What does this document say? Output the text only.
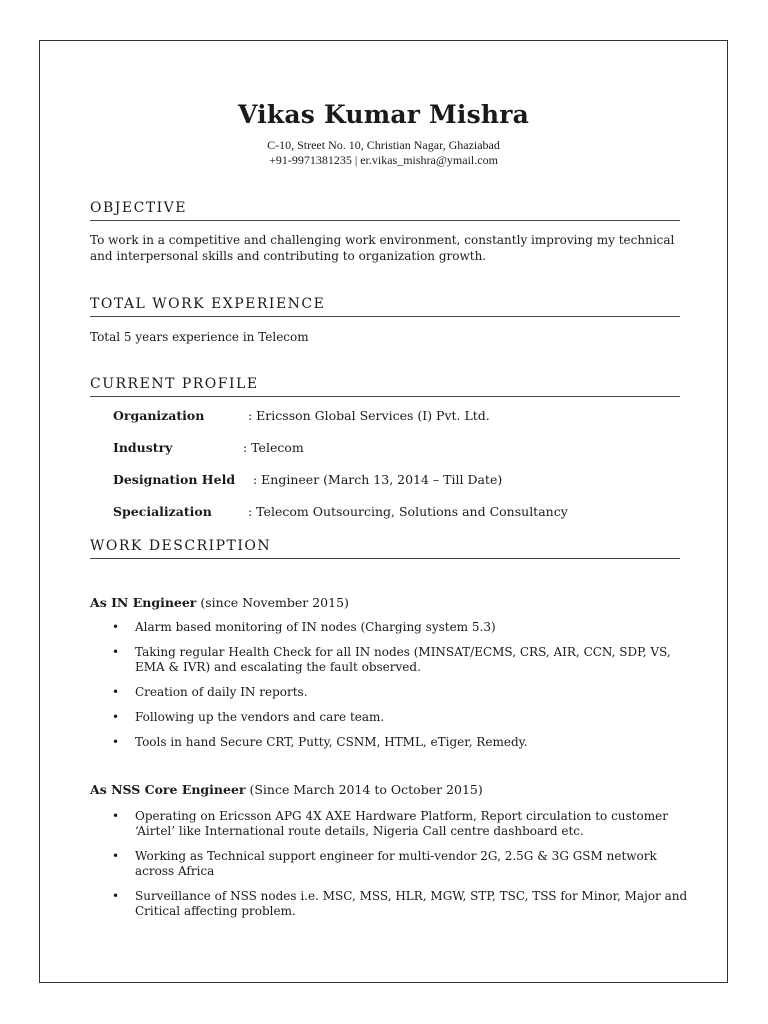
Vikas Kumar Mishra
C-10, Street No. 10, Christian Nagar, Ghaziabad
+91-9971381235 | er.vikas_mishra@ymail.com
OBJECTIVE
To work in a competitive and challenging work environment, constantly improving my technical and interpersonal skills and contributing to organization growth.
TOTAL WORK EXPERIENCE
Total 5 years experience in Telecom
CURRENT PROFILE
Organization	: Ericsson Global Services (I) Pvt. Ltd.
Industry	: Telecom
Designation Held : Engineer (March 13, 2014 – Till Date)
Specialization	: Telecom Outsourcing, Solutions and Consultancy
WORK DESCRIPTION
As IN Engineer (since November 2015)
• Alarm based monitoring of IN nodes (Charging system 5.3)
• Taking regular Health Check for all IN nodes (MINSAT/ECMS, CRS, AIR, CCN, SDP, VS, EMA & IVR) and escalating the fault observed.
• Creation of daily IN reports.
• Following up the vendors and care team.
• Tools in hand Secure CRT, Putty, CSNM, HTML, eTiger, Remedy.
As NSS Core Engineer (Since March 2014 to October 2015)
• Operating on Ericsson APG 4X AXE Hardware Platform, Report circulation to customer ‘Airtel’ like International route details, Nigeria Call centre dashboard etc.
• Working as Technical support engineer for multi-vendor 2G, 2.5G & 3G GSM network across Africa
• Surveillance of NSS nodes i.e. MSC, MSS, HLR, MGW, STP, TSC, TSS for Minor, Major and Critical affecting problem.
